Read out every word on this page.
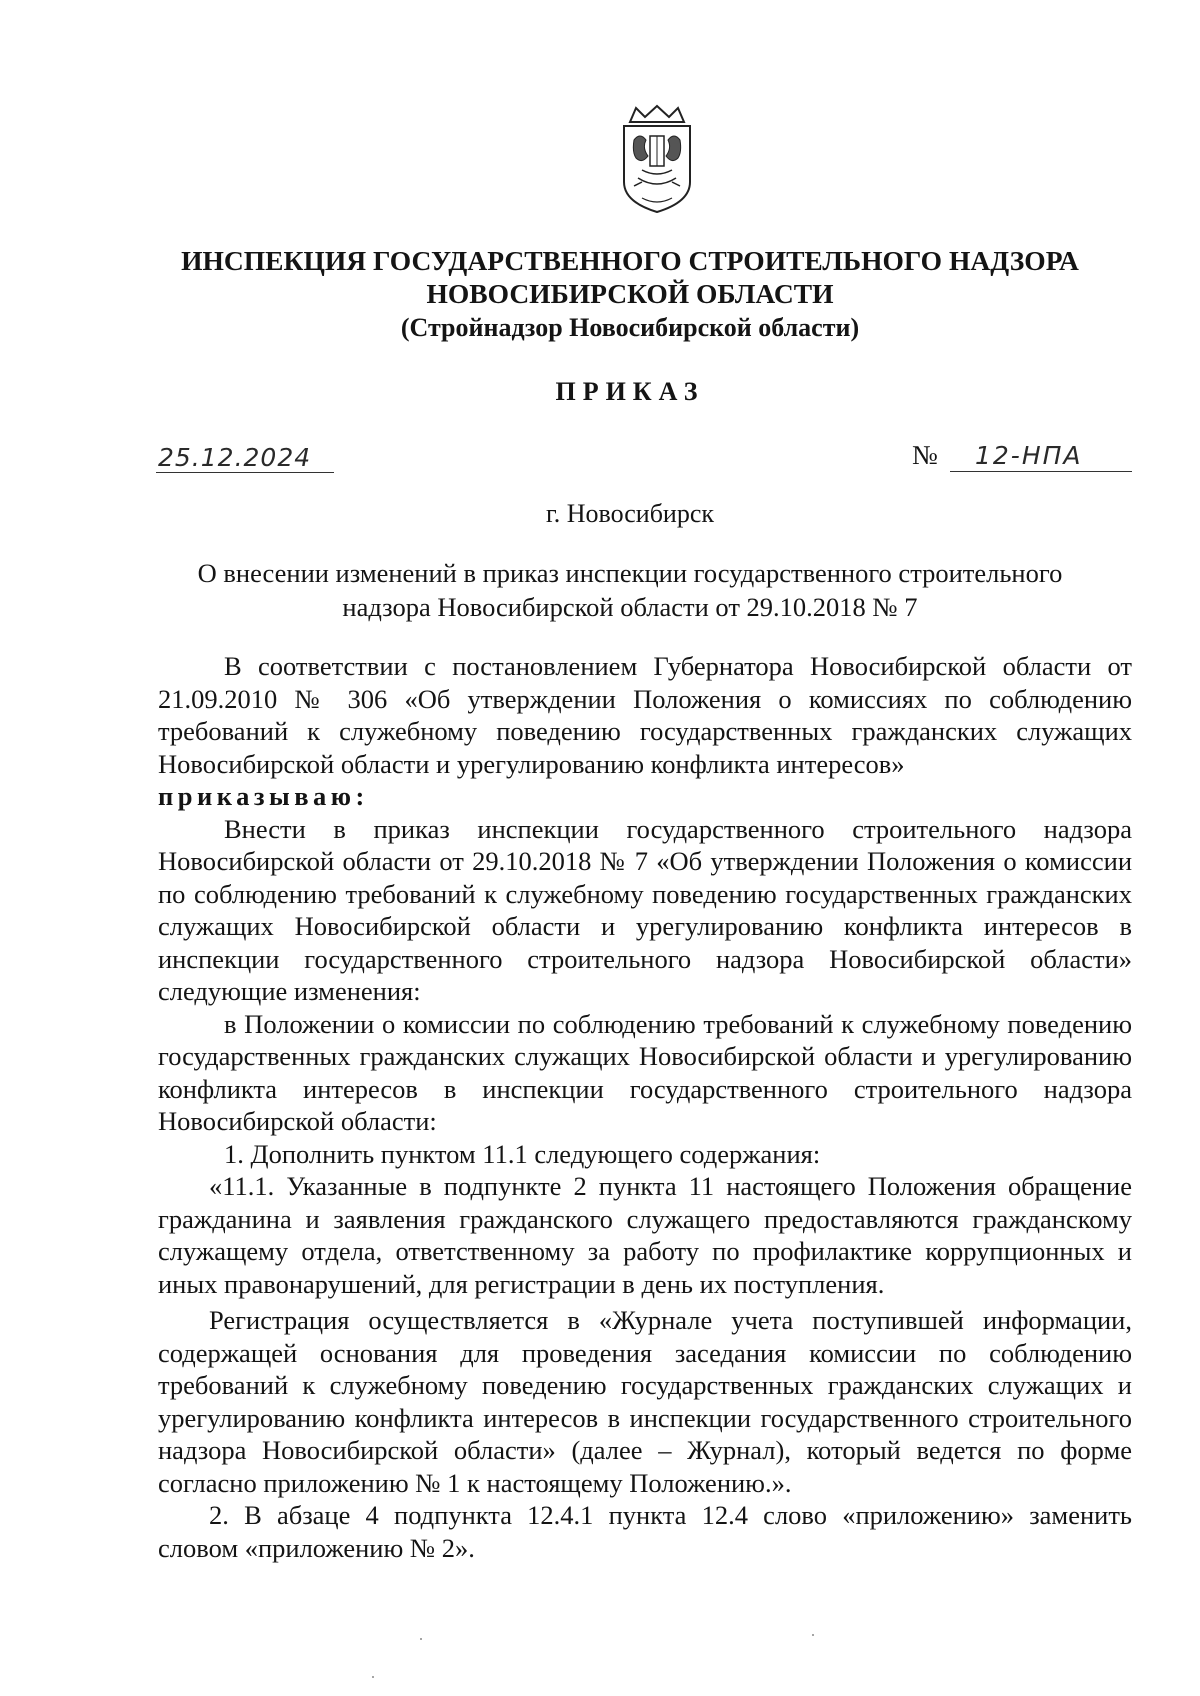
ИНСПЕКЦИЯ ГОСУДАРСТВЕННОГО СТРОИТЕЛЬНОГО НАДЗОРА
НОВОСИБИРСКОЙ ОБЛАСТИ
(Стройнадзор Новосибирской области)
ПРИКАЗ
25.12.2024	№ 12-НПА
г. Новосибирск
О внесении изменений в приказ инспекции государственного строительного
надзора Новосибирской области от 29.10.2018 № 7

В соответствии с постановлением Губернатора Новосибирской области от 21.09.2010 № 306 «Об утверждении Положения о комиссиях по соблюдению требований к служебному поведению государственных гражданских служащих Новосибирской области и урегулированию конфликта интересов»

приказываю:

Внести в приказ инспекции государственного строительного надзора Новосибирской области от 29.10.2018 № 7 «Об утверждении Положения о комиссии по соблюдению требований к служебному поведению государственных гражданских служащих Новосибирской области и урегулированию конфликта интересов в инспекции государственного строительного надзора Новосибирской области» следующие изменения:

в Положении о комиссии по соблюдению требований к служебному поведению государственных гражданских служащих Новосибирской области и урегулированию конфликта интересов в инспекции государственного строительного надзора Новосибирской области:

1. Дополнить пунктом 11.1 следующего содержания:

«11.1. Указанные в подпункте 2 пункта 11 настоящего Положения обращение гражданина и заявления гражданского служащего предоставляются гражданскому служащему отдела, ответственному за работу по профилактике коррупционных и иных правонарушений, для регистрации в день их поступления.

Регистрация осуществляется в «Журнале учета поступившей информации, содержащей основания для проведения заседания комиссии по соблюдению требований к служебному поведению государственных гражданских служащих и урегулированию конфликта интересов в инспекции государственного строительного надзора Новосибирской области» (далее – Журнал), который ведется по форме согласно приложению № 1 к настоящему Положению.».

2. В абзаце 4 подпункта 12.4.1 пункта 12.4 слово «приложению» заменить словом «приложению № 2».
